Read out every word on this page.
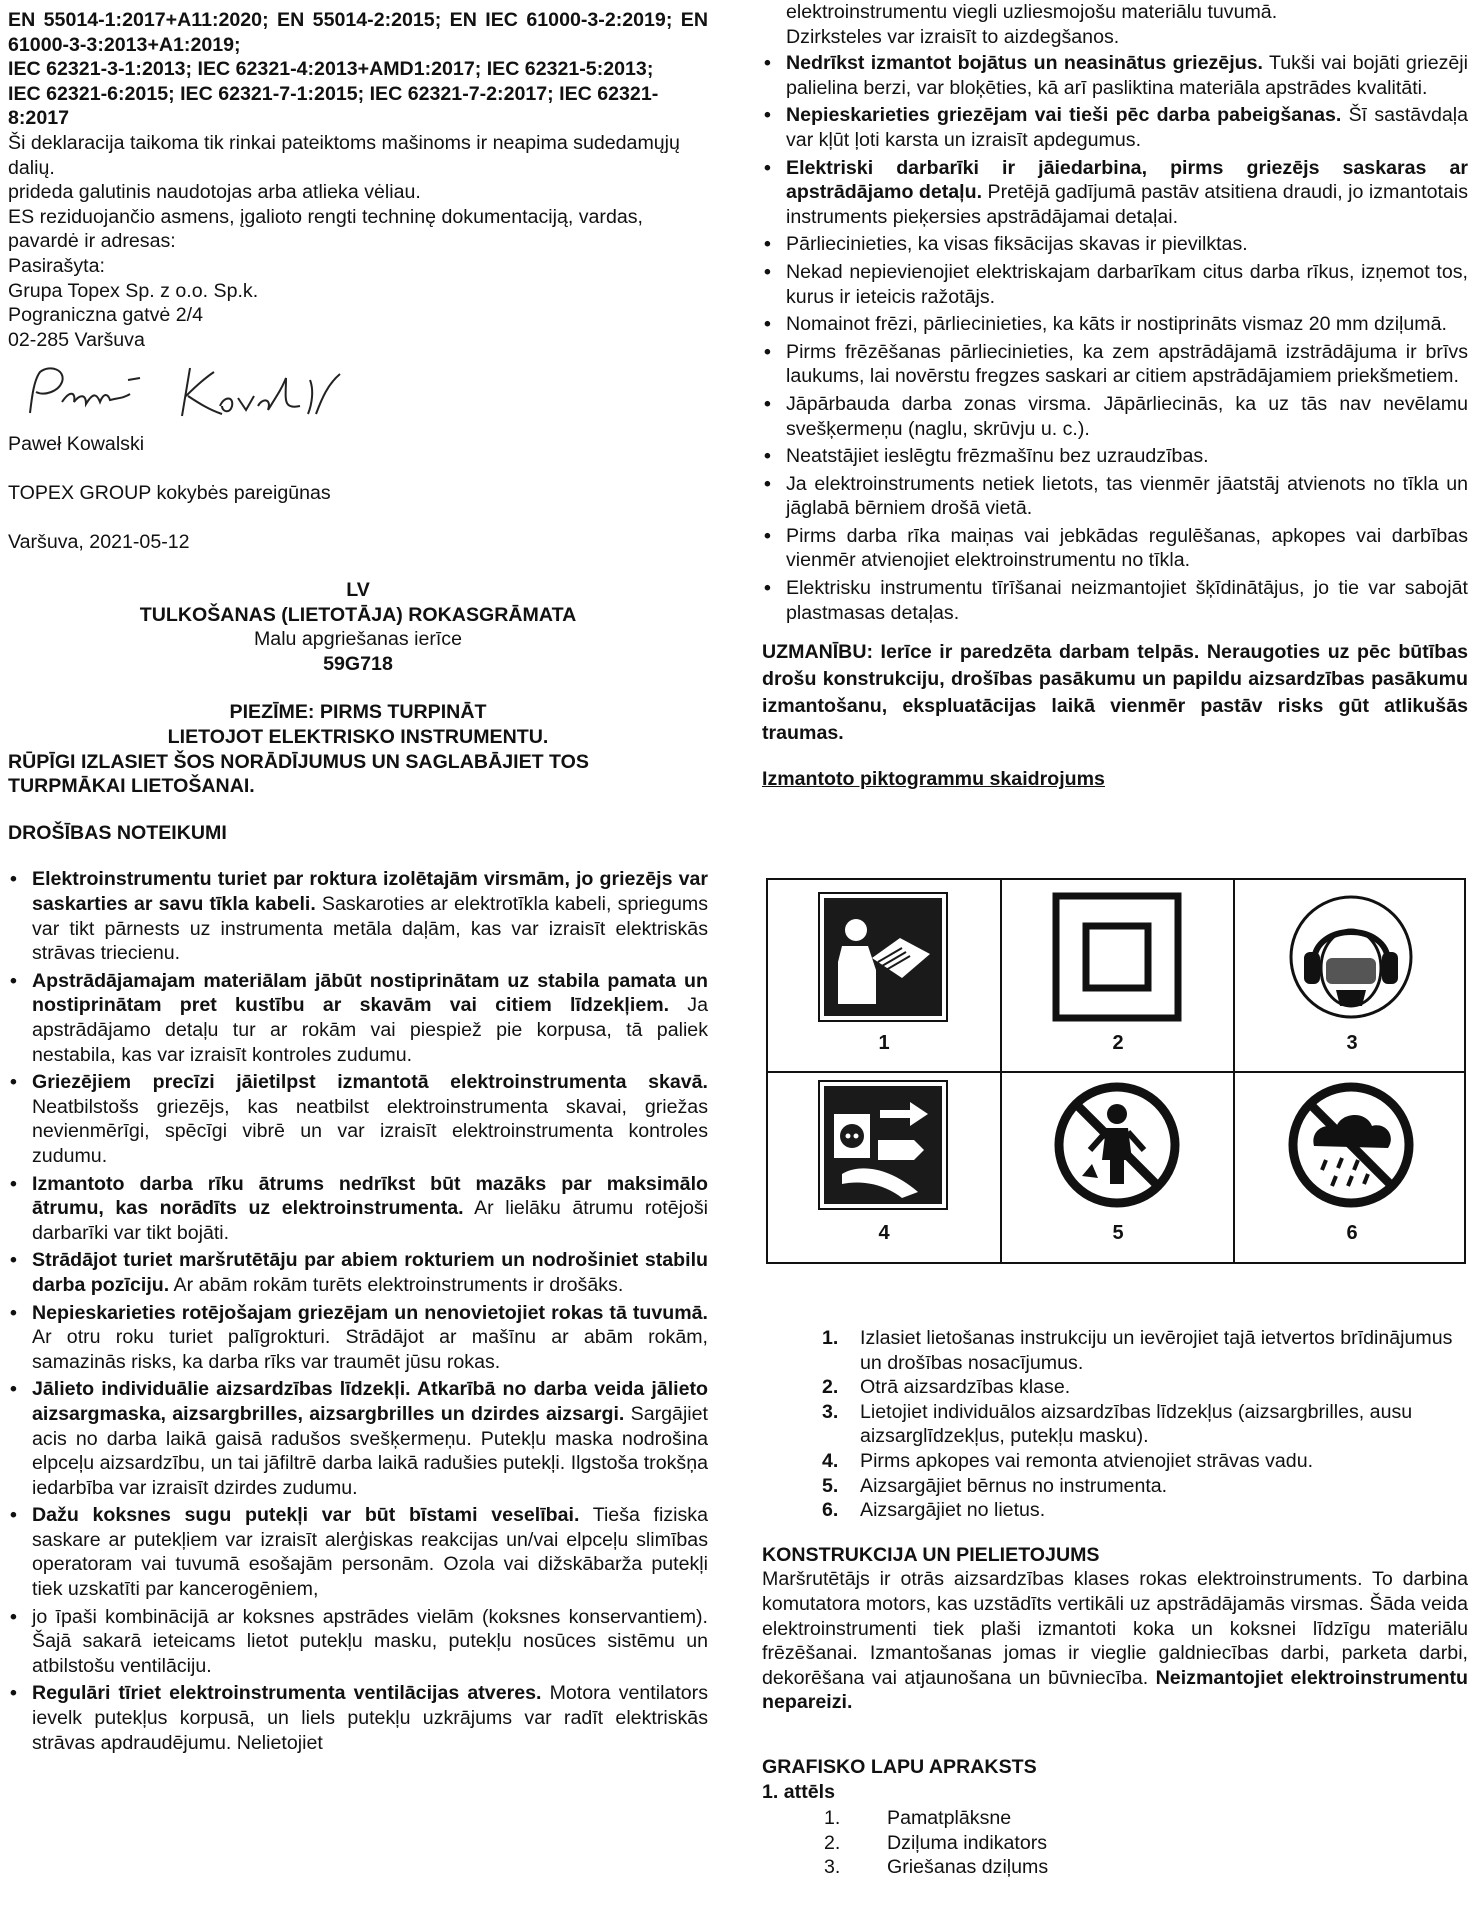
EN 55014-1:2017+A11:2020; EN 55014-2:2015; EN IEC 61000-3-2:2019; EN 61000-3-3:2013+A1:2019;

IEC 62321-3-1:2013; IEC 62321-4:2013+AMD1:2017; IEC 62321-5:2013;

IEC 62321-6:2015; IEC 62321-7-1:2015; IEC 62321-7-2:2017; IEC 62321-8:2017

Ši deklaracija taikoma tik rinkai pateiktoms mašinoms ir neapima sudedamųjų dalių.

prideda galutinis naudotojas arba atlieka vėliau.

ES reziduojančio asmens, įgalioto rengti techninę dokumentaciją, vardas, pavardė ir adresas:

Pasirašyta:

Grupa Topex Sp. z o.o. Sp.k.

Pograniczna gatvė 2/4

02-285 Varšuva

Paweł Kowalski

TOPEX GROUP kokybės pareigūnas

Varšuva, 2021-05-12

LV

TULKOŠANAS (LIETOTĀJA) ROKASGRĀMATA

Malu apgriešanas ierīce

59G718

PIEZĪME: PIRMS TURPINĀT

LIETOJOT ELEKTRISKO INSTRUMENTU.

RŪPĪGI IZLASIET ŠOS NORĀDĪJUMUS UN SAGLABĀJIET TOS TURPMĀKAI LIETOŠANAI.

DROŠĪBAS NOTEIKUMI

• Elektroinstrumentu turiet par roktura izolētajām virsmām, jo griezējs var saskarties ar savu tīkla kabeli. Saskaroties ar elektrotīkla kabeli, spriegums var tikt pārnests uz instrumenta metāla daļām, kas var izraisīt elektriskās strāvas triecienu.
• Apstrādājamajam materiālam jābūt nostiprinātam uz stabila pamata un nostiprinātam pret kustību ar skavām vai citiem līdzekļiem. Ja apstrādājamo detaļu tur ar rokām vai piespiež pie korpusa, tā paliek nestabila, kas var izraisīt kontroles zudumu.
• Griezējiem precīzi jāietilpst izmantotā elektroinstrumenta skavā. Neatbilstošs griezējs, kas neatbilst elektroinstrumenta skavai, griežas nevienmērīgi, spēcīgi vibrē un var izraisīt elektroinstrumenta kontroles zudumu.
• Izmantoto darba rīku ātrums nedrīkst būt mazāks par maksimālo ātrumu, kas norādīts uz elektroinstrumenta. Ar lielāku ātrumu rotējoši darbarīki var tikt bojāti.
• Strādājot turiet maršrutētāju par abiem rokturiem un nodrošiniet stabilu darba pozīciju. Ar abām rokām turēts elektroinstruments ir drošāks.
• Nepieskarieties rotējošajam griezējam un nenovietojiet rokas tā tuvumā. Ar otru roku turiet palīgrokturi. Strādājot ar mašīnu ar abām rokām, samazinās risks, ka darba rīks var traumēt jūsu rokas.
• Jālieto individuālie aizsardzības līdzekļi. Atkarībā no darba veida jālieto aizsargmaska, aizsargbrilles, aizsargbrilles un dzirdes aizsargi. Sargājiet acis no darba laikā gaisā radušos svešķermeņu. Putekļu maska nodrošina elpceļu aizsardzību, un tai jāfiltrē darba laikā radušies putekļi. Ilgstoša trokšņa iedarbība var izraisīt dzirdes zudumu.
• Dažu koksnes sugu putekļi var būt bīstami veselībai. Tieša fiziska saskare ar putekļiem var izraisīt alerģiskas reakcijas un/vai elpceļu slimības operatoram vai tuvumā esošajām personām. Ozola vai dižskābarža putekļi tiek uzskatīti par kancerogēniem,
• jo īpaši kombinācijā ar koksnes apstrādes vielām (koksnes konservantiem). Šajā sakarā ieteicams lietot putekļu masku, putekļu nosūces sistēmu un atbilstošu ventilāciju.
• Regulāri tīriet elektroinstrumenta ventilācijas atveres. Motora ventilators ievelk putekļus korpusā, un liels putekļu uzkrājums var radīt elektriskās strāvas apdraudējumu. Nelietojiet

elektroinstrumentu viegli uzliesmojošu materiālu tuvumā.

Dzirksteles var izraisīt to aizdegšanos.

• Nedrīkst izmantot bojātus un neasinātus griezējus. Tukši vai bojāti griezēji palielina berzi, var bloķēties, kā arī pasliktina materiāla apstrādes kvalitāti.
• Nepieskarieties griezējam vai tieši pēc darba pabeigšanas. Šī sastāvdaļa var kļūt ļoti karsta un izraisīt apdegumus.
• Elektriski darbarīki ir jāiedarbina, pirms griezējs saskaras ar apstrādājamo detaļu. Pretējā gadījumā pastāv atsitiena draudi, jo izmantotais instruments pieķersies apstrādājamai detaļai.
• Pārliecinieties, ka visas fiksācijas skavas ir pievilktas.
• Nekad nepievienojiet elektriskajam darbarīkam citus darba rīkus, izņemot tos, kurus ir ieteicis ražotājs.
• Nomainot frēzi, pārliecinieties, ka kāts ir nostiprināts vismaz 20 mm dziļumā.
• Pirms frēzēšanas pārliecinieties, ka zem apstrādājamā izstrādājuma ir brīvs laukums, lai novērstu fregzes saskari ar citiem apstrādājamiem priekšmetiem.
• Jāpārbauda darba zonas virsma. Jāpārliecinās, ka uz tās nav nevēlamu svešķermeņu (naglu, skrūvju u. c.).
• Neatstājiet ieslēgtu frēzmašīnu bez uzraudzības.
• Ja elektroinstruments netiek lietots, tas vienmēr jāatstāj atvienots no tīkla un jāglabā bērniem drošā vietā.
• Pirms darba rīka maiņas vai jebkādas regulēšanas, apkopes vai darbības vienmēr atvienojiet elektroinstrumentu no tīkla.
• Elektrisku instrumentu tīrīšanai neizmantojiet šķīdinātājus, jo tie var sabojāt plastmasas detaļas.

UZMANĪBU: Ierīce ir paredzēta darbam telpās. Neraugoties uz pēc būtības drošu konstrukciju, drošības pasākumu un papildu aizsardzības pasākumu izmantošanu, ekspluatācijas laikā vienmēr pastāv risks gūt atlikušās traumas.

Izmantoto piktogrammu skaidrojums

1	2	3
4	5	6
1. Izlasiet lietošanas instrukciju un ievērojiet tajā ietvertos brīdinājumus un drošības nosacījumus.
2. Otrā aizsardzības klase.
3. Lietojiet individuālos aizsardzības līdzekļus (aizsargbrilles, ausu aizsarglīdzekļus, putekļu masku).
4. Pirms apkopes vai remonta atvienojiet strāvas vadu.
5. Aizsargājiet bērnus no instrumenta.
6. Aizsargājiet no lietus.

KONSTRUKCIJA UN PIELIETOJUMS

Maršrutētājs ir otrās aizsardzības klases rokas elektroinstruments. To darbina komutatora motors, kas uzstādīts vertikāli uz apstrādājamās virsmas. Šāda veida elektroinstrumenti tiek plaši izmantoti koka un koksnei līdzīgu materiālu frēzēšanai. Izmantošanas jomas ir vieglie galdniecības darbi, parketa darbi, dekorēšana vai atjaunošana un būvniecība. Neizmantojiet elektroinstrumentu nepareizi.

GRAFISKO LAPU APRAKSTS

1. attēls

1. Pamatplāksne
2. Dziļuma indikators
3. Griešanas dziļums
